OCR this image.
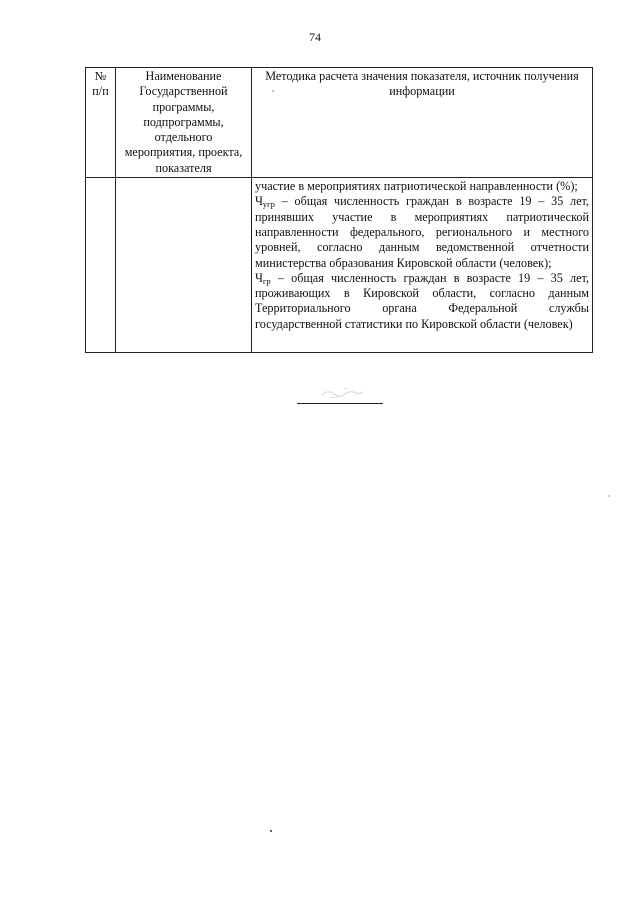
74
№ п/п	Наименование Государственной программы, подпрограммы, отдельного мероприятия, проекта, показателя	Методика расчета значения показателя, источник получения информации

		участие в мероприятиях патриотической направленности (%);

$Ч_{угр}$ – общая численность граждан в возрасте 19 – 35 лет, принявших участие в мероприятиях патриотической направленности федерального, регионального и местного уровней, согласно данным ведомственной отчетности министерства образования Кировской области (человек);

$Ч_{гр}$ – общая численность граждан в возрасте 19 – 35 лет, проживающих в Кировской области, согласно данным Территориального органа Федеральной службы государственной статистики по Кировской области (человек)
